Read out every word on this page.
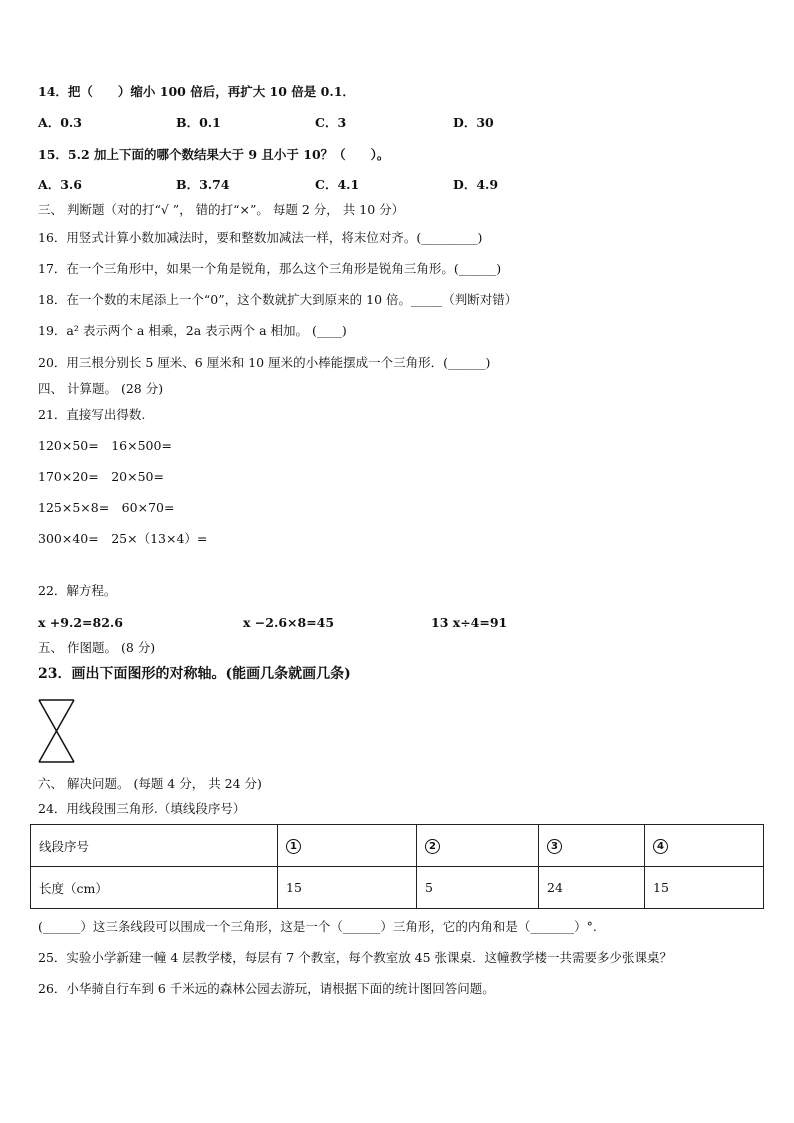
14．把（　　）缩小 100 倍后，再扩大 10 倍是 0.1．
A．0.3	B．0.1	C．3	D．30
15．5.2 加上下面的哪个数结果大于 9 且小于 10？（　　）。
A．3.6	B．3.74	C．4.1	D．4.9
三、 判断题（对的打“√ ”， 错的打“×”。 每题 2 分， 共 10 分）
16．用竖式计算小数加减法时，要和整数加减法一样，将末位对齐。(_________)
17．在一个三角形中，如果一个角是锐角，那么这个三角形是锐角三角形。(______)
18．在一个数的末尾添上一个“0”，这个数就扩大到原来的 10 倍。_____（判断对错）
19．a² 表示两个 a 相乘，2a 表示两个 a 相加。 (____)
20．用三根分别长 5 厘米、6 厘米和 10 厘米的小棒能摆成一个三角形．(______)
四、 计算题。 (28 分)
21．直接写出得数.
120×50=　16×500=
170×20=　20×50=
125×5×8=　60×70=
300×40=　25×（13×4）=
22．解方程。
x +9.2=82.6	x −2.6×8=45	13 x÷4=91
五、 作图题。 (8 分)
23．画出下面图形的对称轴。(能画几条就画几条)
六、 解决问题。 (每题 4 分， 共 24 分)
24．用线段围三角形.（填线段序号）
线段序号	1	2	3	4
长度（cm）	15	5	24	15
(______）这三条线段可以围成一个三角形，这是一个（______）三角形，它的内角和是（_______）°.
25．实验小学新建一幢 4 层教学楼，每层有 7 个教室，每个教室放 45 张课桌．这幢教学楼一共需要多少张课桌？
26．小华骑自行车到 6 千米远的森林公园去游玩，请根据下面的统计图回答问题。
